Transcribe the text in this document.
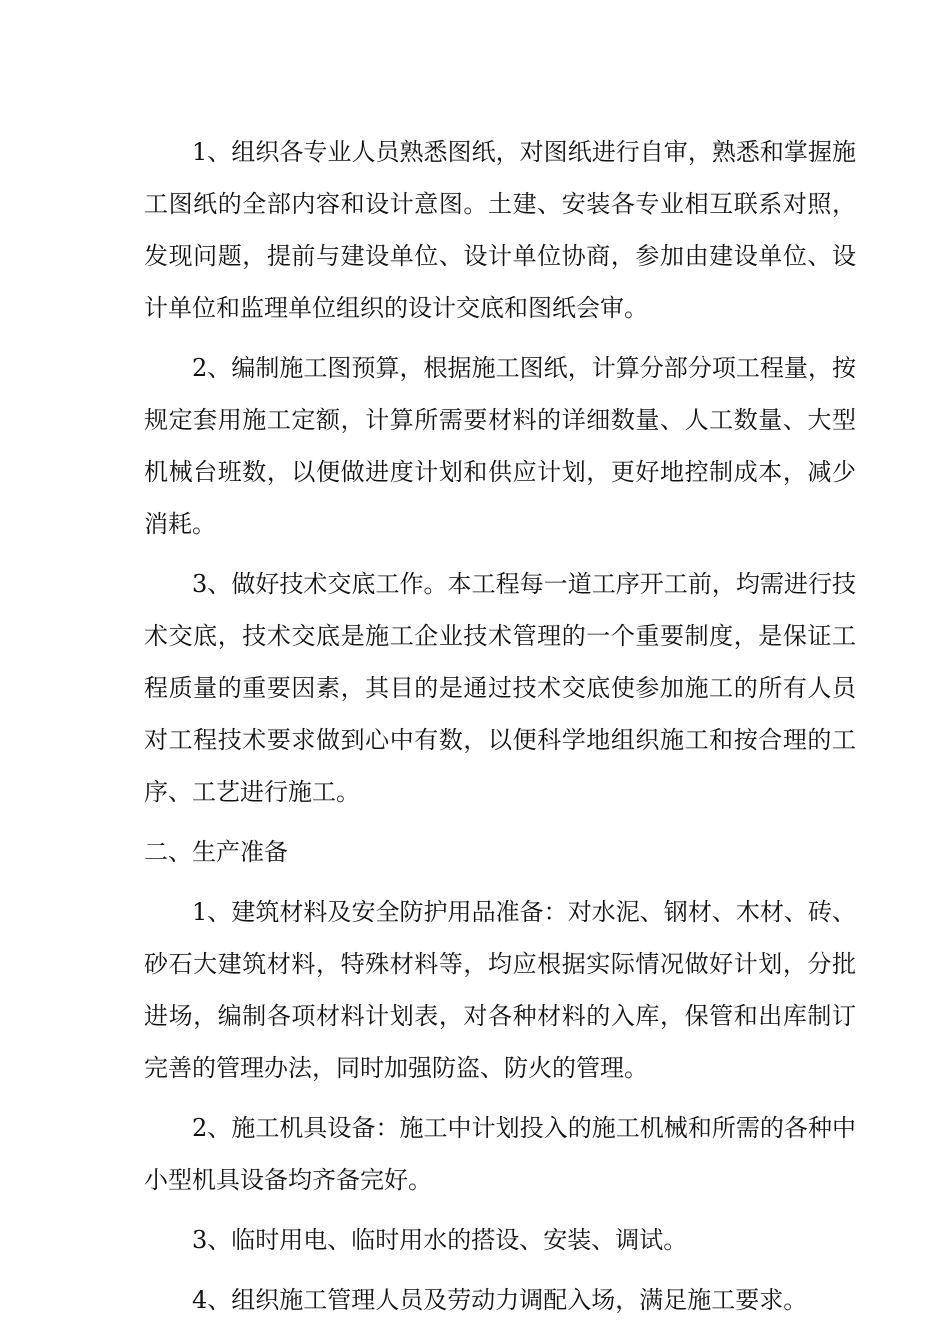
1、组织各专业人员熟悉图纸，对图纸进行自审，熟悉和掌握施工图纸的全部内容和设计意图。土建、安装各专业相互联系对照，发现问题，提前与建设单位、设计单位协商，参加由建设单位、设计单位和监理单位组织的设计交底和图纸会审。

2、编制施工图预算，根据施工图纸，计算分部分项工程量，按规定套用施工定额，计算所需要材料的详细数量、人工数量、大型机械台班数，以便做进度计划和供应计划，更好地控制成本，减少消耗。

3、做好技术交底工作。本工程每一道工序开工前，均需进行技术交底，技术交底是施工企业技术管理的一个重要制度，是保证工程质量的重要因素，其目的是通过技术交底使参加施工的所有人员对工程技术要求做到心中有数，以便科学地组织施工和按合理的工序、工艺进行施工。

二、生产准备

1、建筑材料及安全防护用品准备：对水泥、钢材、木材、砖、砂石大建筑材料，特殊材料等，均应根据实际情况做好计划，分批进场，编制各项材料计划表，对各种材料的入库，保管和出库制订完善的管理办法，同时加强防盗、防火的管理。

2、施工机具设备：施工中计划投入的施工机械和所需的各种中小型机具设备均齐备完好。

3、临时用电、临时用水的搭设、安装、调试。

4、组织施工管理人员及劳动力调配入场，满足施工要求。
